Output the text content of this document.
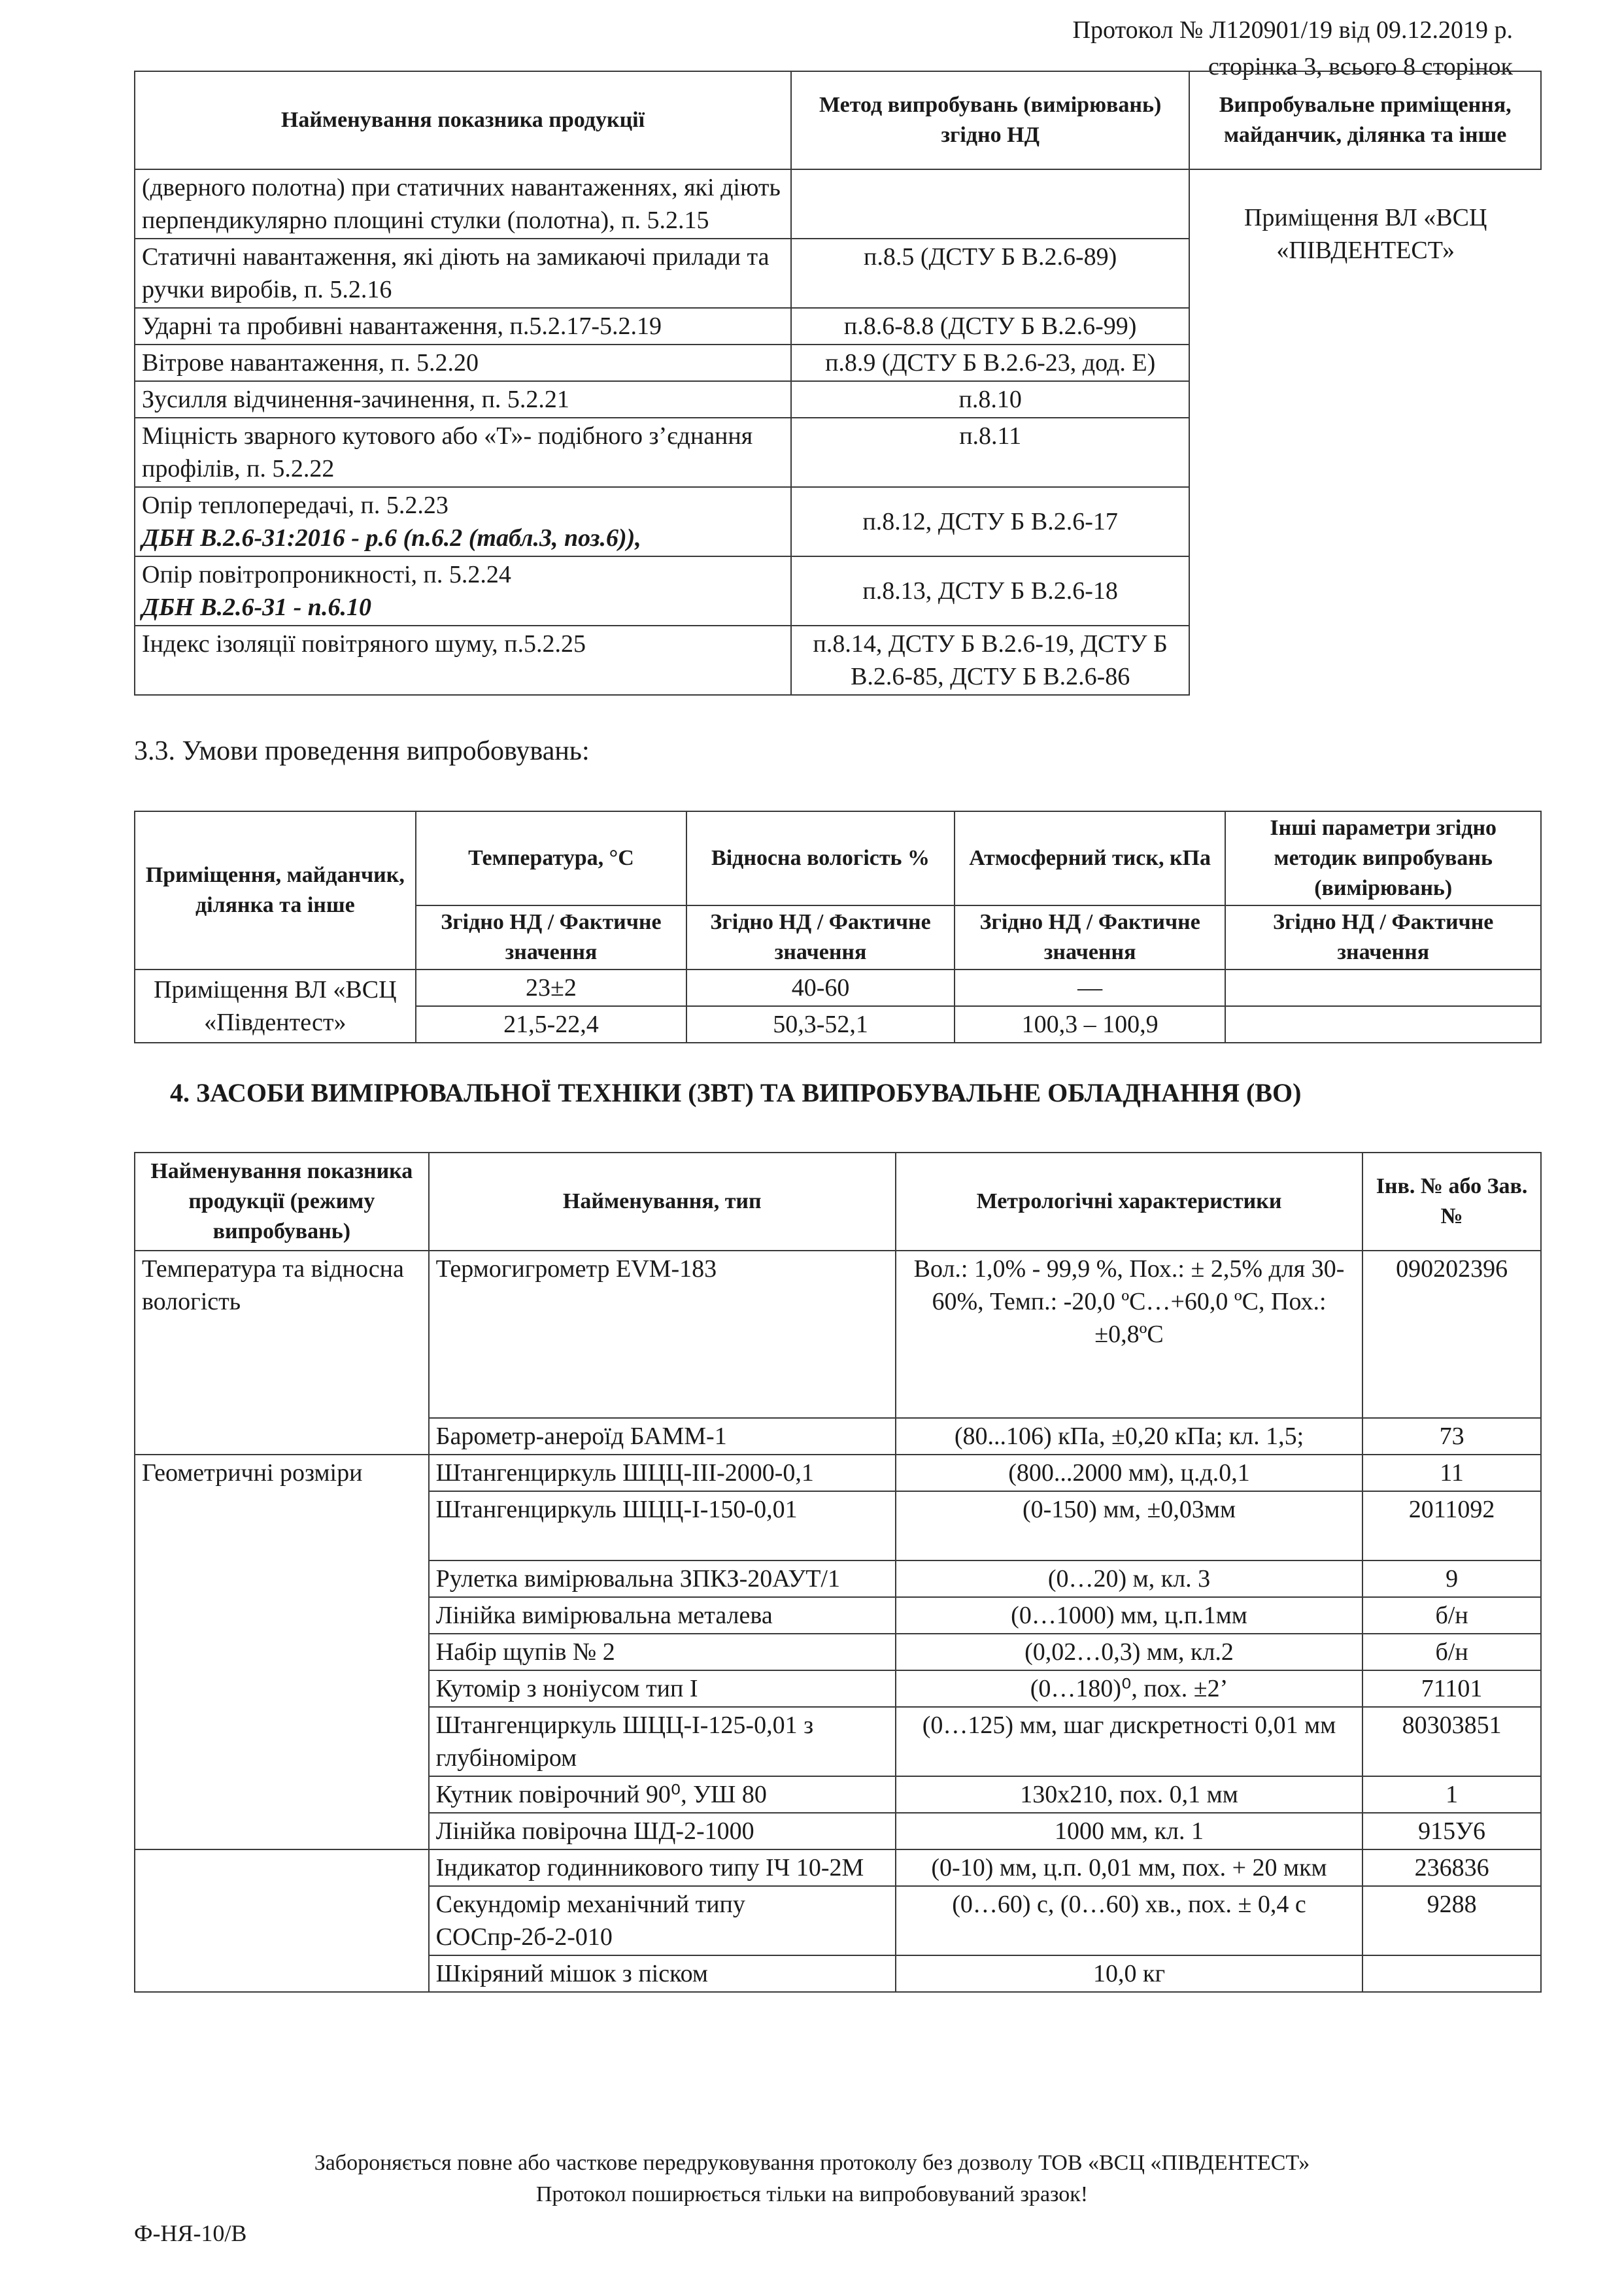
Протокол № Л120901/19 від 09.12.2019 р.
сторінка 3, всього 8 сторінок
Найменування показника продукції	Метод випробувань (вимірювань) згідно НД	Випробувальне приміщення, майданчик, ділянка та інше
(дверного полотна) при статичних навантаженнях, які діють перпендикулярно площині стулки (полотна), п. 5.2.15		Приміщення ВЛ «ВСЦ «ПІВДЕНТЕСТ»
Статичні навантаження, які діють на замикаючі прилади та ручки виробів, п. 5.2.16	п.8.5 (ДСТУ Б В.2.6-89)	
Ударні та пробивні навантаження, п.5.2.17-5.2.19	п.8.6-8.8 (ДСТУ Б В.2.6-99)	
Вітрове навантаження, п. 5.2.20	п.8.9 (ДСТУ Б В.2.6-23, дод. Е)	
Зусилля відчинення-зачинення, п. 5.2.21	п.8.10	
Міцність зварного кутового або «Т»- подібного з’єднання профілів, п. 5.2.22	п.8.11	

Опір теплопередачі, п. 5.2.23
ДБН В.2.6-31:2016 - р.6 (п.6.2 (табл.3, поз.6)),	п.8.12, ДСТУ Б В.2.6-17	

Опір повітропроникності, п. 5.2.24
ДБН В.2.6-31 - п.6.10	п.8.13, ДСТУ Б В.2.6-18	
Індекс ізоляції повітряного шуму, п.5.2.25	п.8.14, ДСТУ Б В.2.6-19, ДСТУ Б В.2.6-85, ДСТУ Б В.2.6-86	
3.3. Умови проведення випробовувань:
Приміщення, майданчик, ділянка та інше	Температура, °С	Відносна вологість %	Атмосферний тиск, кПа	Інші параметри згідно методик випробувань (вимірювань)
	Згідно НД / Фактичне значення	Згідно НД / Фактичне значення	Згідно НД / Фактичне значення	Згідно НД / Фактичне значення
Приміщення ВЛ «ВСЦ «Південтест»	23±2	40-60	—	
	21,5-22,4	50,3-52,1	100,3 – 100,9	
4. ЗАСОБИ ВИМІРЮВАЛЬНОЇ ТЕХНІКИ (ЗВТ) ТА ВИПРОБУВАЛЬНЕ ОБЛАДНАННЯ (ВО)
Найменування показника продукції (режиму випробувань)	Найменування, тип	Метрологічні характеристики	Інв. № або Зав. №
Температура та відносна вологість	Термогигрометр EVM-183	Вол.: 1,0% - 99,9 %, Пох.: ± 2,5% для 30-60%, Темп.: -20,0 ºC…+60,0 ºC, Пох.: ±0,8ºC	090202396
	Барометр-анероїд БАММ-1	(80...106) кПа, ±0,20 кПа; кл. 1,5;	73
Геометричні розміри	Штангенциркуль ШЦЦ-III-2000-0,1	(800...2000 мм), ц.д.0,1	11
	Штангенциркуль ШЦЦ-І-150-0,01	(0-150) мм, ±0,03мм	2011092
	Рулетка вимірювальна ЗПКЗ-20АУТ/1	(0…20) м, кл. 3	9
	Лінійка вимірювальна металева	(0…1000) мм, ц.п.1мм	б/н
	Набір щупів № 2	(0,02…0,3) мм, кл.2	б/н
	Кутомір з ноніусом тип І	(0…180)⁰, пох. ±2’	71101
	Штангенциркуль ШЦЦ-І-125-0,01 з глубіноміром	(0…125) мм, шаг дискретності 0,01 мм	80303851
	Кутник повірочний 90⁰, УШ 80	130х210, пох. 0,1 мм	1
	Лінійка повірочна ШД-2-1000	1000 мм, кл. 1	915У6
	Індикатор годинникового типу ІЧ 10-2М	(0-10) мм, ц.п. 0,01 мм, пох. + 20 мкм	236836
	Секундомір механічний типу СОСпр-2б-2-010	(0…60) с, (0…60) хв., пох. ± 0,4 с	9288
	Шкіряний мішок з піском	10,0 кг	
Забороняється повне або часткове передруковування протоколу без дозволу ТОВ «ВСЦ «ПІВДЕНТЕСТ»
Протокол поширюється тільки на випробовуваний зразок!
Ф-НЯ-10/В
